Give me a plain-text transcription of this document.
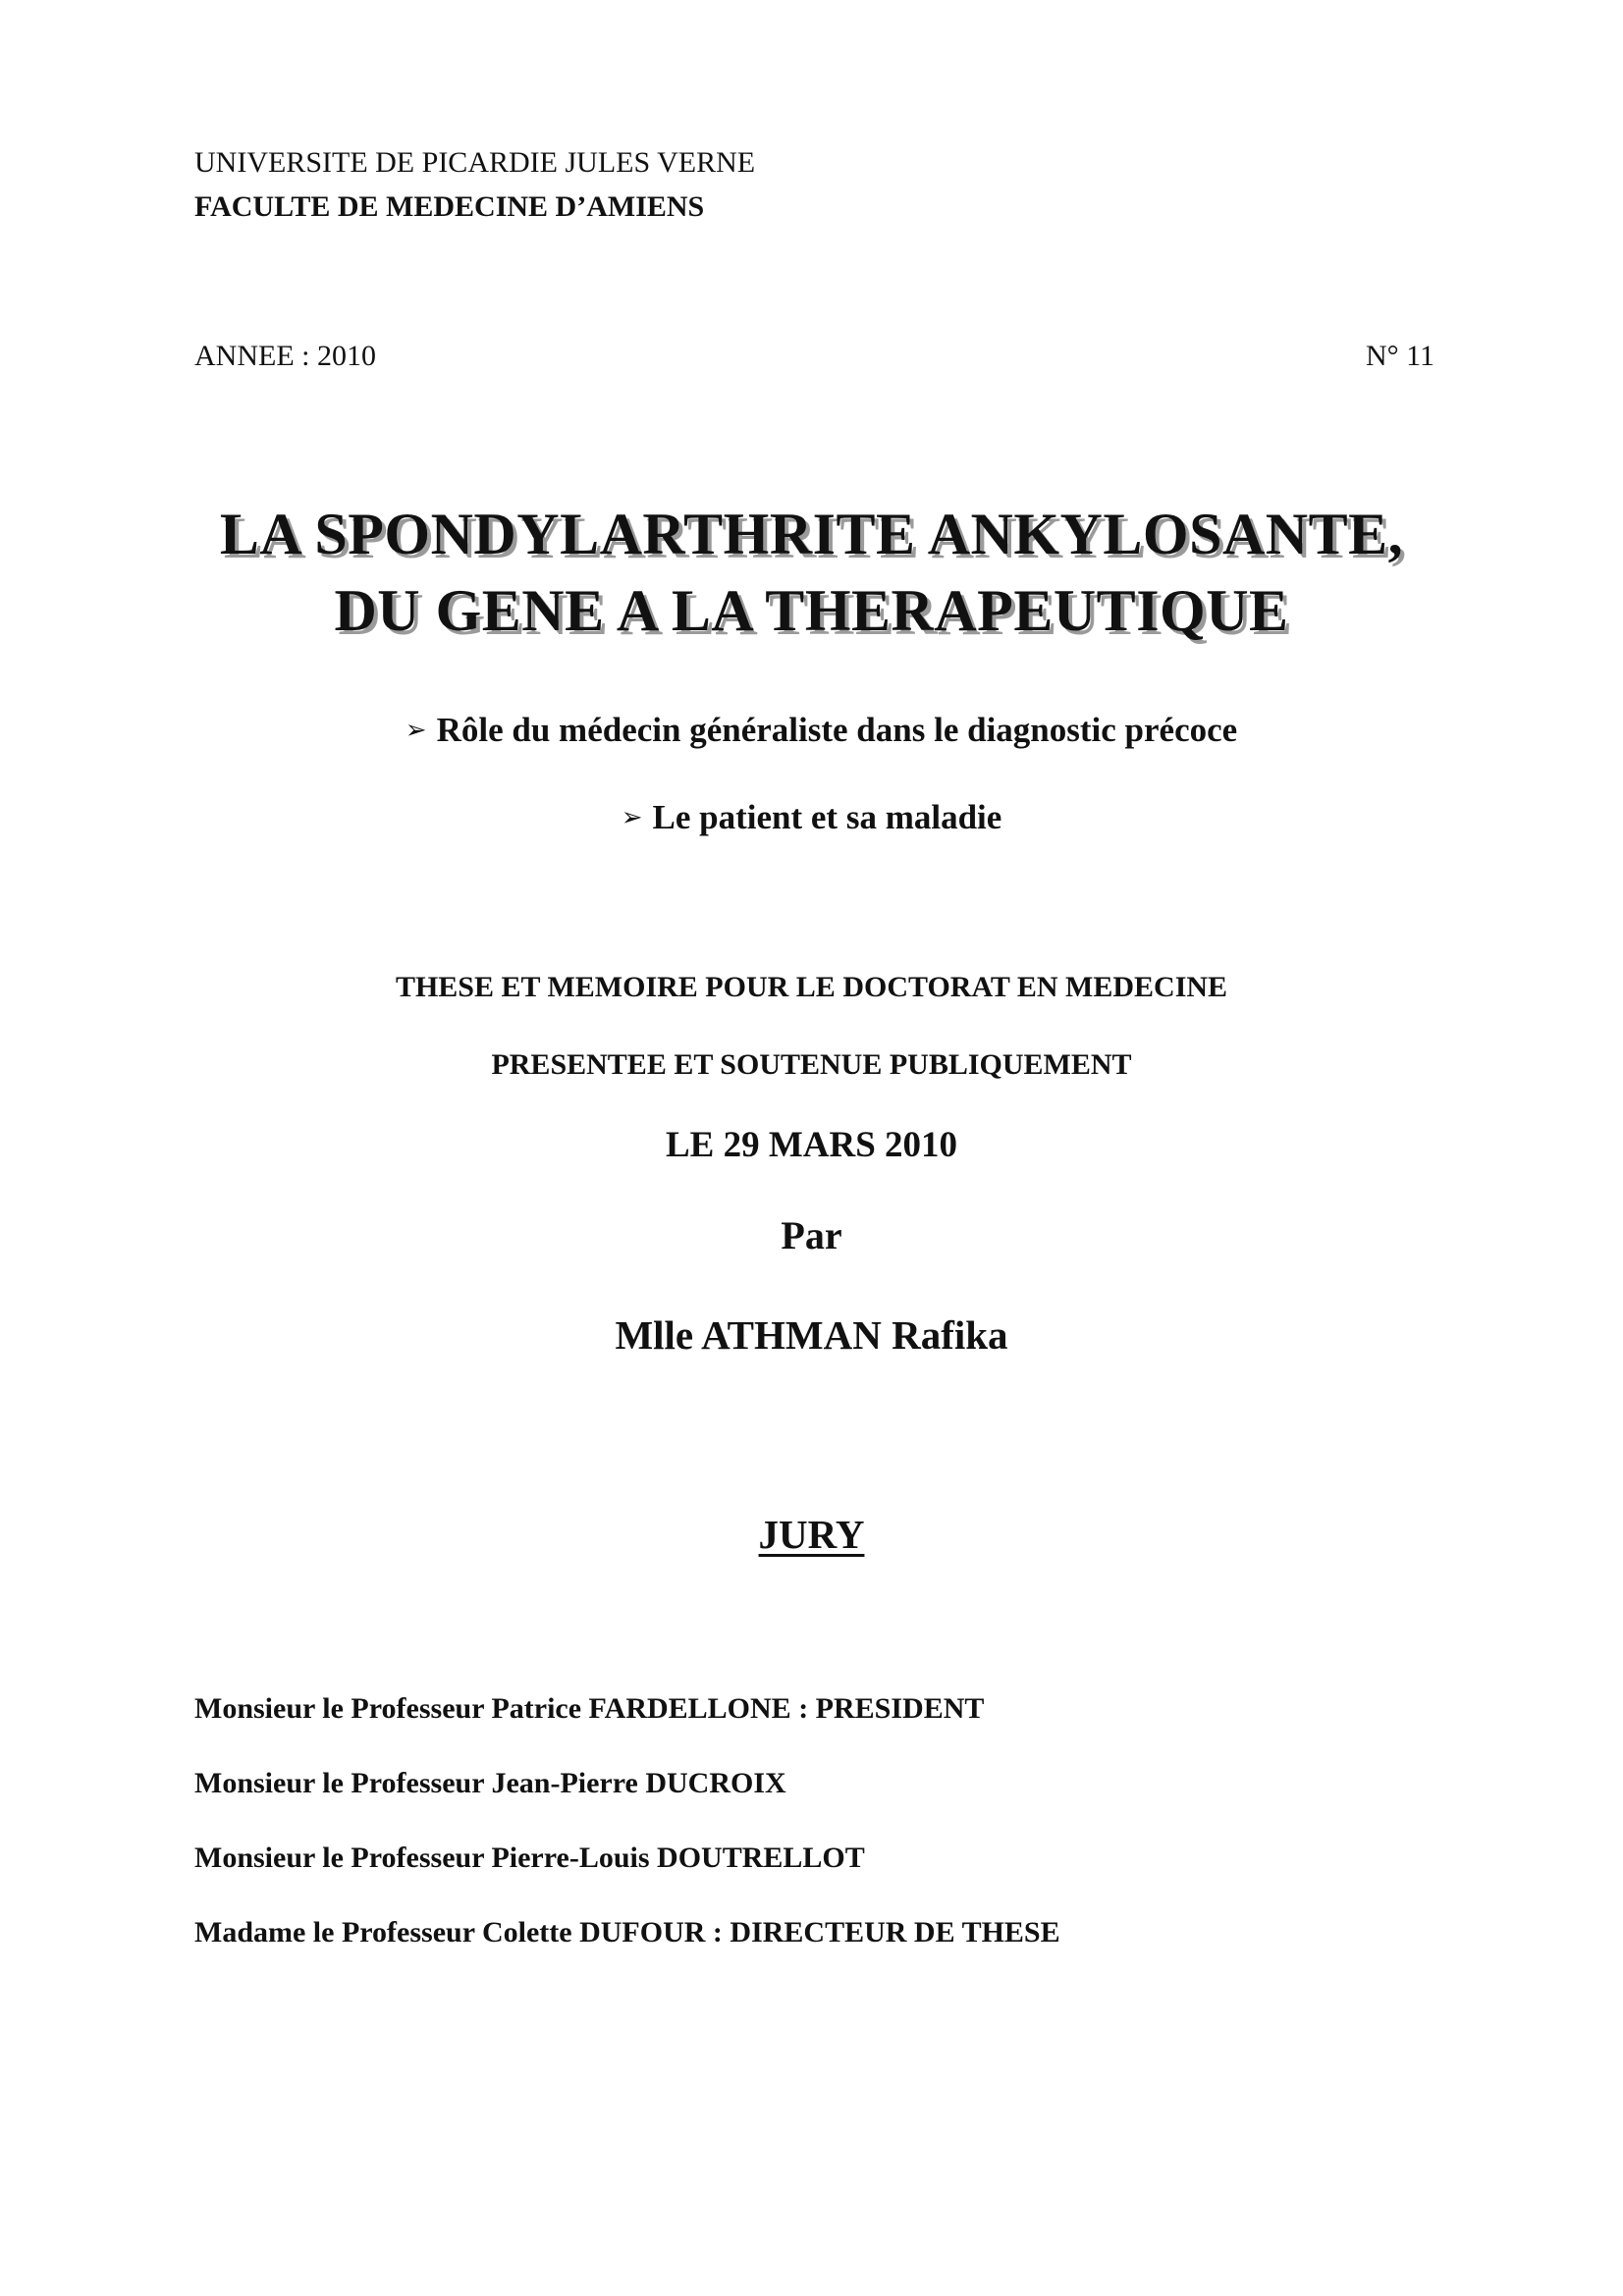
UNIVERSITE DE PICARDIE JULES VERNE
FACULTE DE MEDECINE D’AMIENS
ANNEE : 2010	N° 11
LA SPONDYLARTHRITE ANKYLOSANTE,
DU GENE A LA THERAPEUTIQUE
➢ Rôle du médecin généraliste dans le diagnostic précoce
➢ Le patient et sa maladie
THESE ET MEMOIRE POUR LE DOCTORAT EN MEDECINE
PRESENTEE ET SOUTENUE PUBLIQUEMENT
LE 29 MARS 2010
Par
Mlle ATHMAN Rafika
JURY
Monsieur le Professeur Patrice FARDELLONE : PRESIDENT
Monsieur le Professeur Jean-Pierre DUCROIX
Monsieur le Professeur Pierre-Louis DOUTRELLOT
Madame le Professeur Colette DUFOUR : DIRECTEUR DE THESE
